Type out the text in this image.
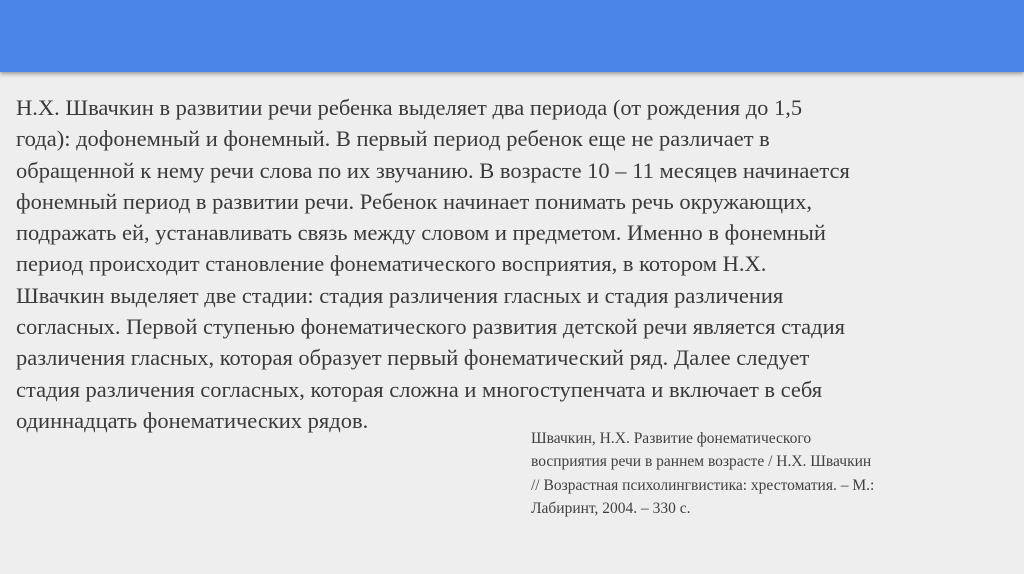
Н.Х. Швачкин в развитии речи ребенка выделяет два периода (от рождения до 1,5
года): дофонемный и фонемный. В первый период ребенок еще не различает в
обращенной к нему речи слова по их звучанию. В возрасте 10 – 11 месяцев начинается
фонемный период в развитии речи. Ребенок начинает понимать речь окружающих,
подражать ей, устанавливать связь между словом и предметом. Именно в фонемный
период происходит становление фонематического восприятия, в котором Н.Х.
Швачкин выделяет две стадии: стадия различения гласных и стадия различения
согласных. Первой ступенью фонематического развития детской речи является стадия
различения гласных, которая образует первый фонематический ряд. Далее следует
стадия различения согласных, которая сложна и многоступенчата и включает в себя
одиннадцать фонематических рядов.

Швачкин, Н.Х. Развитие фонематического
восприятия речи в раннем возрасте / Н.Х. Швачкин
// Возрастная психолингвистика: хрестоматия. – М.:
Лабиринт, 2004. – 330 с.
